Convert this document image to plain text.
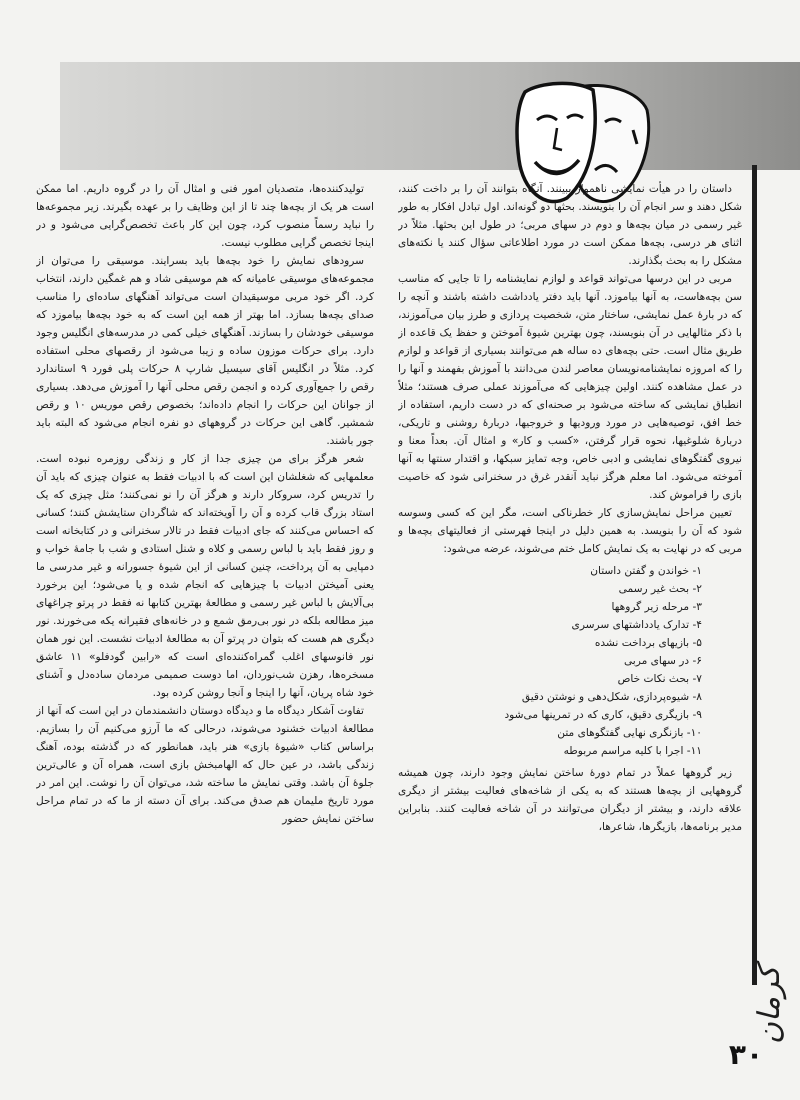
داستان را در هیأت نمایشی ناهموار ببینند. آنگاه بتوانند آن را بر داخت کنند، شکل دهند و سر انجام آن را بنویسند. بحثها دو گونه‌اند. اول تبادل افکار به طور غیر رسمی در میان بچه‌ها و دوم در سهای مربی؛ در طول این بحثها. مثلاً در اثنای هر درسی، بچه‌ها ممکن است در مورد اطلاعاتی سؤال کنند یا نکته‌های مشکل را به بحث بگذارند.

مربی در این درسها می‌تواند قواعد و لوازم نمایشنامه را تا جایی که مناسب سن بچه‌هاست، به آنها بیاموزد. آنها باید دفتر یادداشت داشته باشند و آنچه را که در بارهٔ عمل نمایشی، ساختار متن، شخصیت پردازی و طرز بیان می‌آموزند، با ذکر مثالهایی در آن بنویسند، چون بهترین شیوهٔ آموختن و حفظ یک قاعده از طریق مثال است. حتی بچه‌های ده ساله هم می‌توانند بسیاری از قواعد و لوازم را که امروزه نمایشنامه‌نویسان معاصر لندن می‌دانند با آموزش بفهمند و آنها را در عمل مشاهده کنند. اولین چیزهایی که می‌آموزند عملی صرف هستند؛ مثلاً انطباق نمایشی که ساخته می‌شود بر صحنه‌ای که در دست داریم، استفاده از خط افق، توصیه‌هایی در مورد ورودیها و خروجیها، دربارهٔ روشنی و تاریکی، دربارهٔ شلوغیها، نحوه قرار گرفتن، «کسب و کار» و امثال آن. بعداً معنا و نیروی گفتگوهای نمایشی و ادبی خاص، وجه تمایز سبکها، و اقتدار سنتها به آنها آموخته می‌شود. اما معلم هرگز نباید آنقدر غرق در سخنرانی شود که خاصیت بازی را فراموش کند.

تعیین مراحل نمایش‌سازی کار خطرناکی است، مگر این که کسی وسوسه شود که آن را بنویسد. به همین دلیل در اینجا فهرستی از فعالیتهای بچه‌ها و مربی که در نهایت به یک نمایش کامل ختم می‌شوند، عرضه می‌شود:

۱- خواندن و گفتن داستان
۲- بحث غیر رسمی
۳- مرحله زیر گروهها
۴- تدارک یادداشتهای سرسری
۵- بازیهای برداخت نشده
۶- در سهای مربی
۷- بحث نکات خاص
۸- شیوه‌پردازی، شکل‌دهی و نوشتن دقیق
۹- بازیگری دقیق، کاری که در تمرینها می‌شود
۱۰- بازنگری نهایی گفتگوهای متن
۱۱- اجرا با کلیه مراسم مربوطه

زیر گروهها عملاً در تمام دورهٔ ساختن نمایش وجود دارند، چون همیشه گروههایی از بچه‌ها هستند که به یکی از شاخه‌های فعالیت بیشتر از دیگری علاقه دارند، و بیشتر از دیگران می‌توانند در آن شاخه فعالیت کنند. بنابراین مدیر برنامه‌ها، بازیگرها، شاعرها،

تولیدکننده‌ها، متصدیان امور فنی و امثال آن را در گروه داریم. اما ممکن است هر یک از بچه‌ها چند تا از این وظایف را بر عهده بگیرند. زیر مجموعه‌ها را نباید رسماً منصوب کرد، چون این کار باعث تخصص‌گرایی می‌شود و در اینجا تخصص گرایی مطلوب نیست.

سرودهای نمایش را خود بچه‌ها باید بسرایند. موسیقی را می‌توان از مجموعه‌های موسیقی عامیانه که هم موسیقی شاد و هم غمگین دارند، انتخاب کرد. اگر خود مربی موسیقیدان است می‌تواند آهنگهای ساده‌ای را مناسب صدای بچه‌ها بسازد. اما بهتر از همه این است که به خود بچه‌ها بیاموزد که موسیقی خودشان را بسازند. آهنگهای خیلی کمی در مدرسه‌های انگلیس وجود دارد. برای حرکات موزون ساده و زیبا می‌شود از رقصهای محلی استفاده کرد. مثلاً در انگلیس آقای سیسیل شارپ ۸ حرکات پلی فورد ۹ استاندارد رقص را جمع‌آوری کرده و انجمن رقص محلی آنها را آموزش می‌دهد. بسیاری از جوانان این حرکات را انجام داده‌اند؛ بخصوص رقص موریس ۱۰ و رقص شمشیر. گاهی این حرکات در گروههای دو نفره انجام می‌شود که البته باید جور باشند.

شعر هرگز برای من چیزی جدا از کار و زندگی روزمره نبوده است. معلمهایی که شغلشان این است که با ادبیات فقط به عنوان چیزی که باید آن را تدریس کرد، سروکار دارند و هرگز آن را نو نمی‌کنند؛ مثل چیزی که یک استاد بزرگ قاب کرده و آن را آویخته‌اند که شاگردان ستایشش کنند؛ کسانی که احساس می‌کنند که جای ادبیات فقط در تالار سخنرانی و در کتابخانه است و روز فقط باید با لباس رسمی و کلاه و شنل استادی و شب با جامهٔ خواب و دمپایی به آن پرداخت، چنین کسانی از این شیوهٔ جسورانه و غیر مدرسی ما یعنی آمیختن ادبیات با چیزهایی که انجام شده و یا می‌شود؛ این برخورد بی‌آلایش با لباس غیر رسمی و مطالعهٔ بهترین کتابها نه فقط در پرتو چراغهای میز مطالعه بلکه در نور بی‌رمق شمع و در خانه‌های فقیرانه یکه می‌خورند. نور دیگری هم هست که بتوان در پرتو آن به مطالعهٔ ادبیات نشست. این نور همان نور فانوسهای اغلب گمراه‌کننده‌ای است که «رابین گودفلو» ۱۱ عاشق مسخره‌ها، رهزن شب‌نوردان، اما دوست صمیمی مردمان ساده‌دل و آشنای خود شاه پریان، آنها را اینجا و آنجا روشن کرده بود.

تفاوت آشکار دیدگاه ما و دیدگاه دوستان دانشمندمان در این است که آنها از مطالعهٔ ادبیات خشنود می‌شوند، درحالی که ما آرزو می‌کنیم آن را بسازیم. براساس کتاب «شیوهٔ بازی» هنر باید، همانطور که در گذشته بوده، آهنگ زندگی باشد، در عین حال که الهامبخش بازی است، همراه آن و عالی‌ترین جلوهٔ آن باشد. وقتی نمایش ما ساخته شد، می‌توان آن را نوشت. این امر در مورد تاریخ ملیمان هم صدق می‌کند. برای آن دسته از ما که در تمام مراحل ساختن نمایش حضور

کرمان
۳۰
